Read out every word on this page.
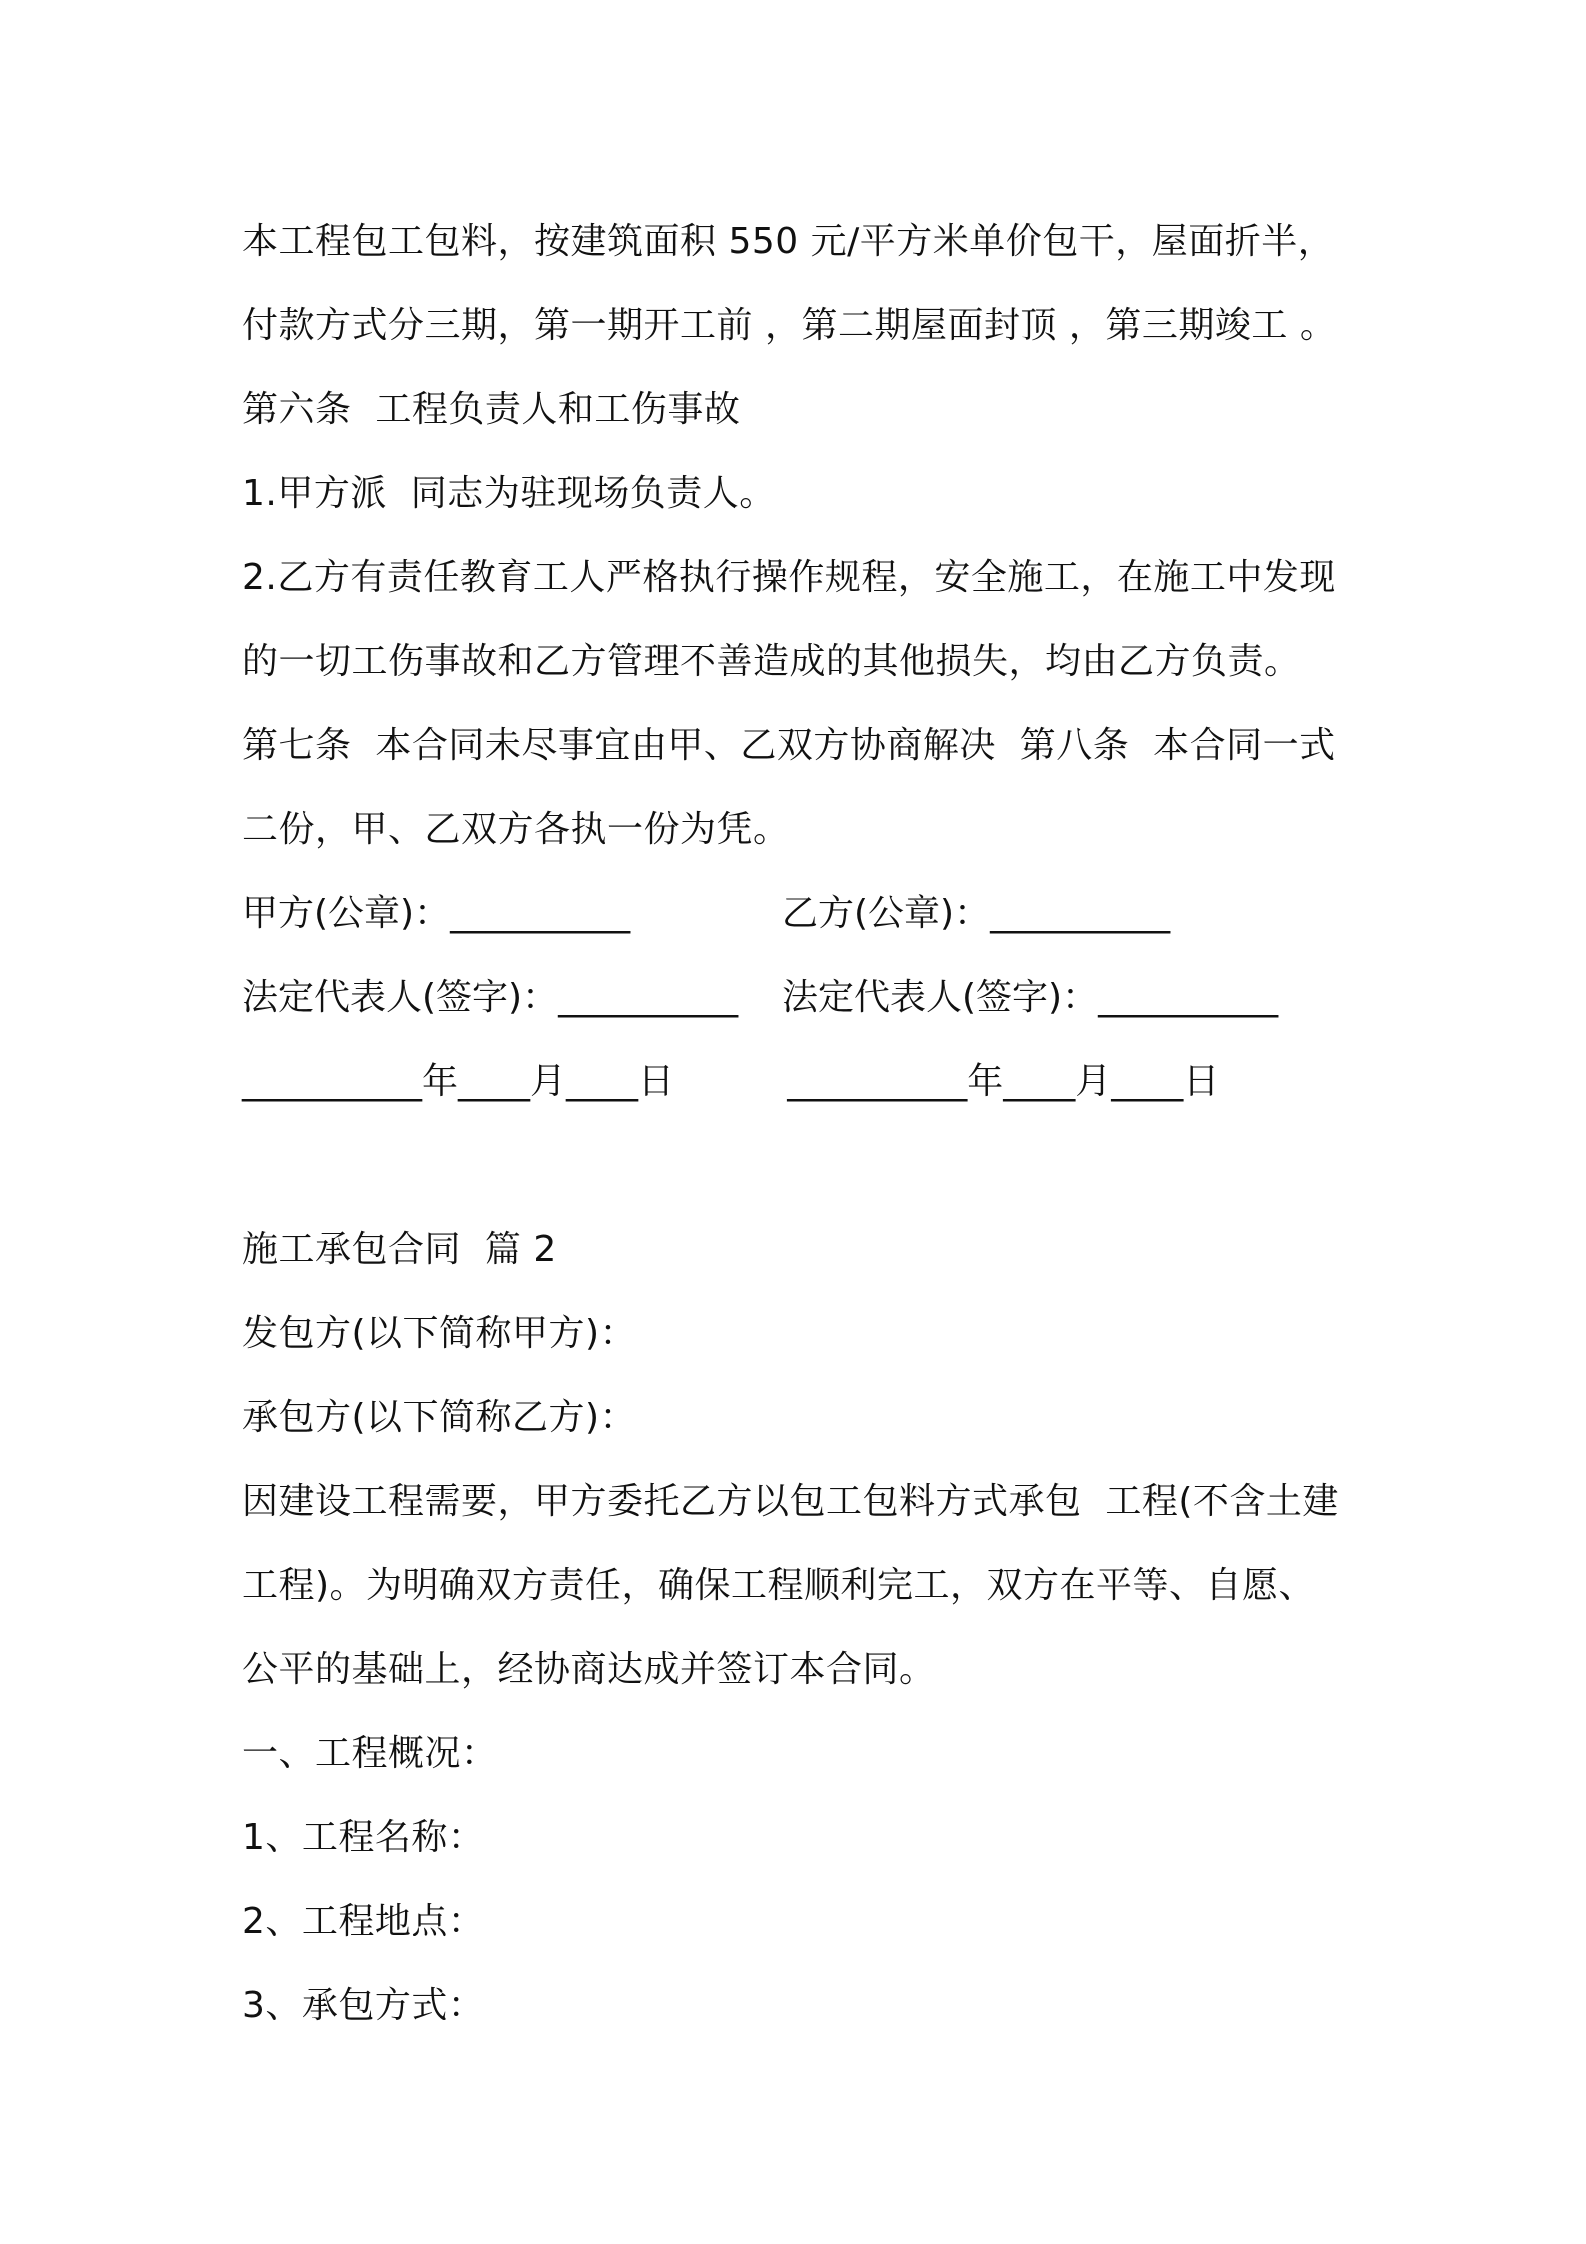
本工程包工包料，按建筑面积 550 元/平方米单价包干，屋面折半，
付款方式分三期，第一期开工前 ，第二期屋面封顶 ，第三期竣工 。
第六条  工程负责人和工伤事故
1.甲方派  同志为驻现场负责人。
2.乙方有责任教育工人严格执行操作规程，安全施工，在施工中发现
的一切工伤事故和乙方管理不善造成的其他损失，均由乙方负责。
第七条  本合同未尽事宜由甲、乙双方协商解决  第八条  本合同一式
二份，甲、乙双方各执一份为凭。
甲方(公章)：__________	乙方(公章)：__________
法定代表人(签字)：__________	法定代表人(签字)：__________
__________年____月____日	__________年____月____日
施工承包合同  篇 2
发包方(以下简称甲方)：
承包方(以下简称乙方)：
因建设工程需要，甲方委托乙方以包工包料方式承包  工程(不含土建
工程)。为明确双方责任，确保工程顺利完工，双方在平等、自愿、
公平的基础上，经协商达成并签订本合同。
一、工程概况：
1、工程名称：
2、工程地点：
3、承包方式：
